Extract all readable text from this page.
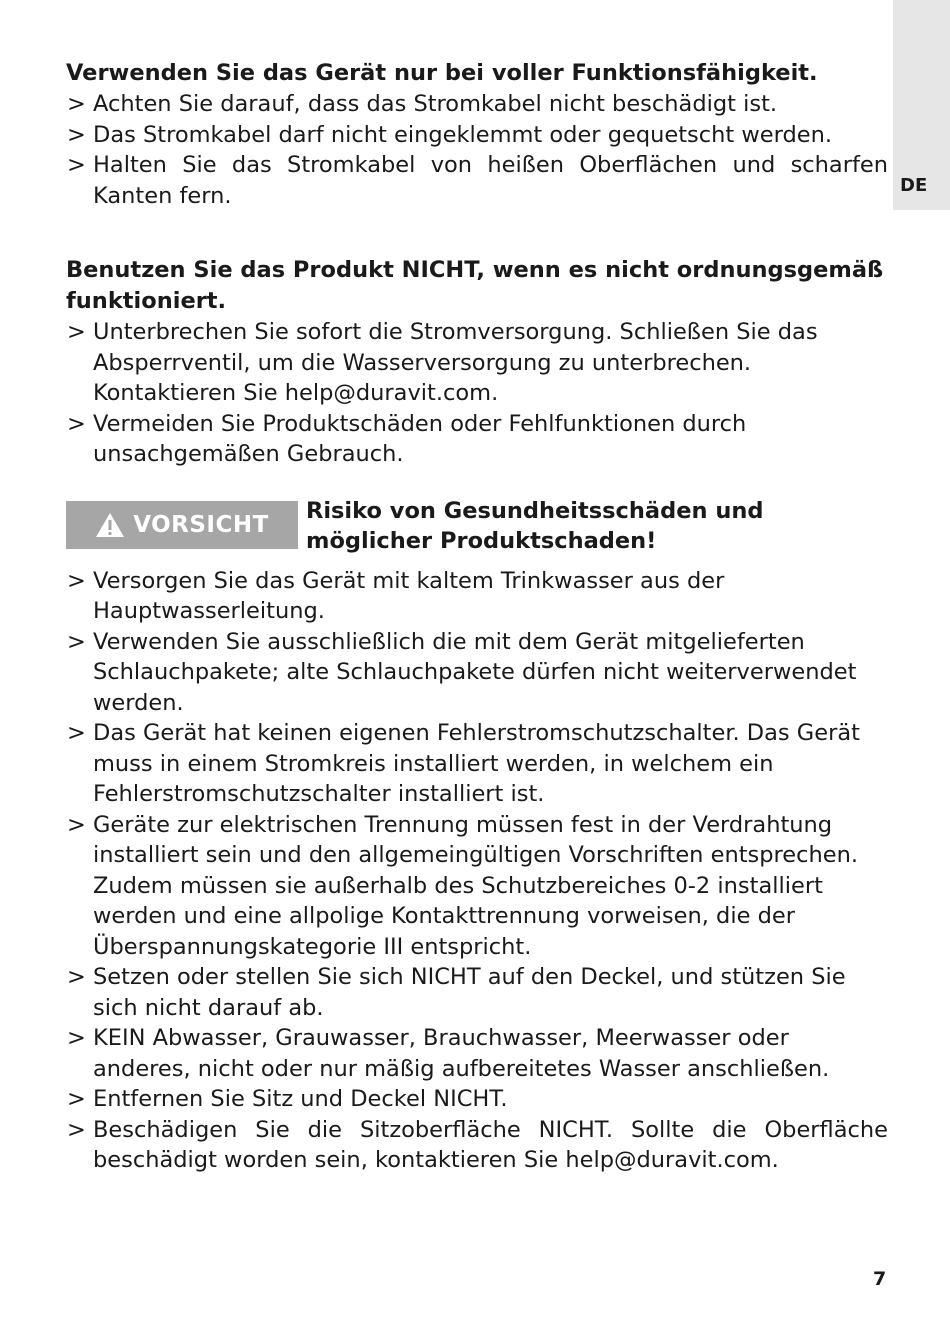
DE

Verwenden Sie das Gerät nur bei voller Funktionsfähigkeit.

> Achten Sie darauf, dass das Stromkabel nicht beschädigt ist.
> Das Stromkabel darf nicht eingeklemmt oder gequetscht werden.
> Halten Sie das Stromkabel von heißen Oberflächen und scharfen Kanten fern.

Benutzen Sie das Produkt NICHT, wenn es nicht ordnungsgemäß funktioniert.

> Unterbrechen Sie sofort die Stromversorgung. Schließen Sie das Absperrventil, um die Wasserversorgung zu unterbrechen. Kontaktieren Sie help@duravit.com.
> Vermeiden Sie Produktschäden oder Fehlfunktionen durch unsachgemäßen Gebrauch.
VORSICHT
Risiko von Gesundheitsschäden und möglicher Produktschaden!
> Versorgen Sie das Gerät mit kaltem Trinkwasser aus der Hauptwasserleitung.
> Verwenden Sie ausschließlich die mit dem Gerät mitgelieferten Schlauchpakete; alte Schlauchpakete dürfen nicht weiterverwendet werden.
> Das Gerät hat keinen eigenen Fehlerstromschutzschalter. Das Gerät muss in einem Stromkreis installiert werden, in welchem ein Fehlerstromschutzschalter installiert ist.
> Geräte zur elektrischen Trennung müssen fest in der Verdrahtung installiert sein und den allgemeingültigen Vorschriften entsprechen. Zudem müssen sie außerhalb des Schutzbereiches 0-2 installiert werden und eine allpolige Kontakttrennung vorweisen, die der Überspannungskategorie III entspricht.
> Setzen oder stellen Sie sich NICHT auf den Deckel, und stützen Sie sich nicht darauf ab.
> KEIN Abwasser, Grauwasser, Brauchwasser, Meerwasser oder anderes, nicht oder nur mäßig aufbereitetes Wasser anschließen.
> Entfernen Sie Sitz und Deckel NICHT.
> Beschädigen Sie die Sitzoberfläche NICHT. Sollte die Oberfläche beschädigt worden sein, kontaktieren Sie help@duravit.com.
7
